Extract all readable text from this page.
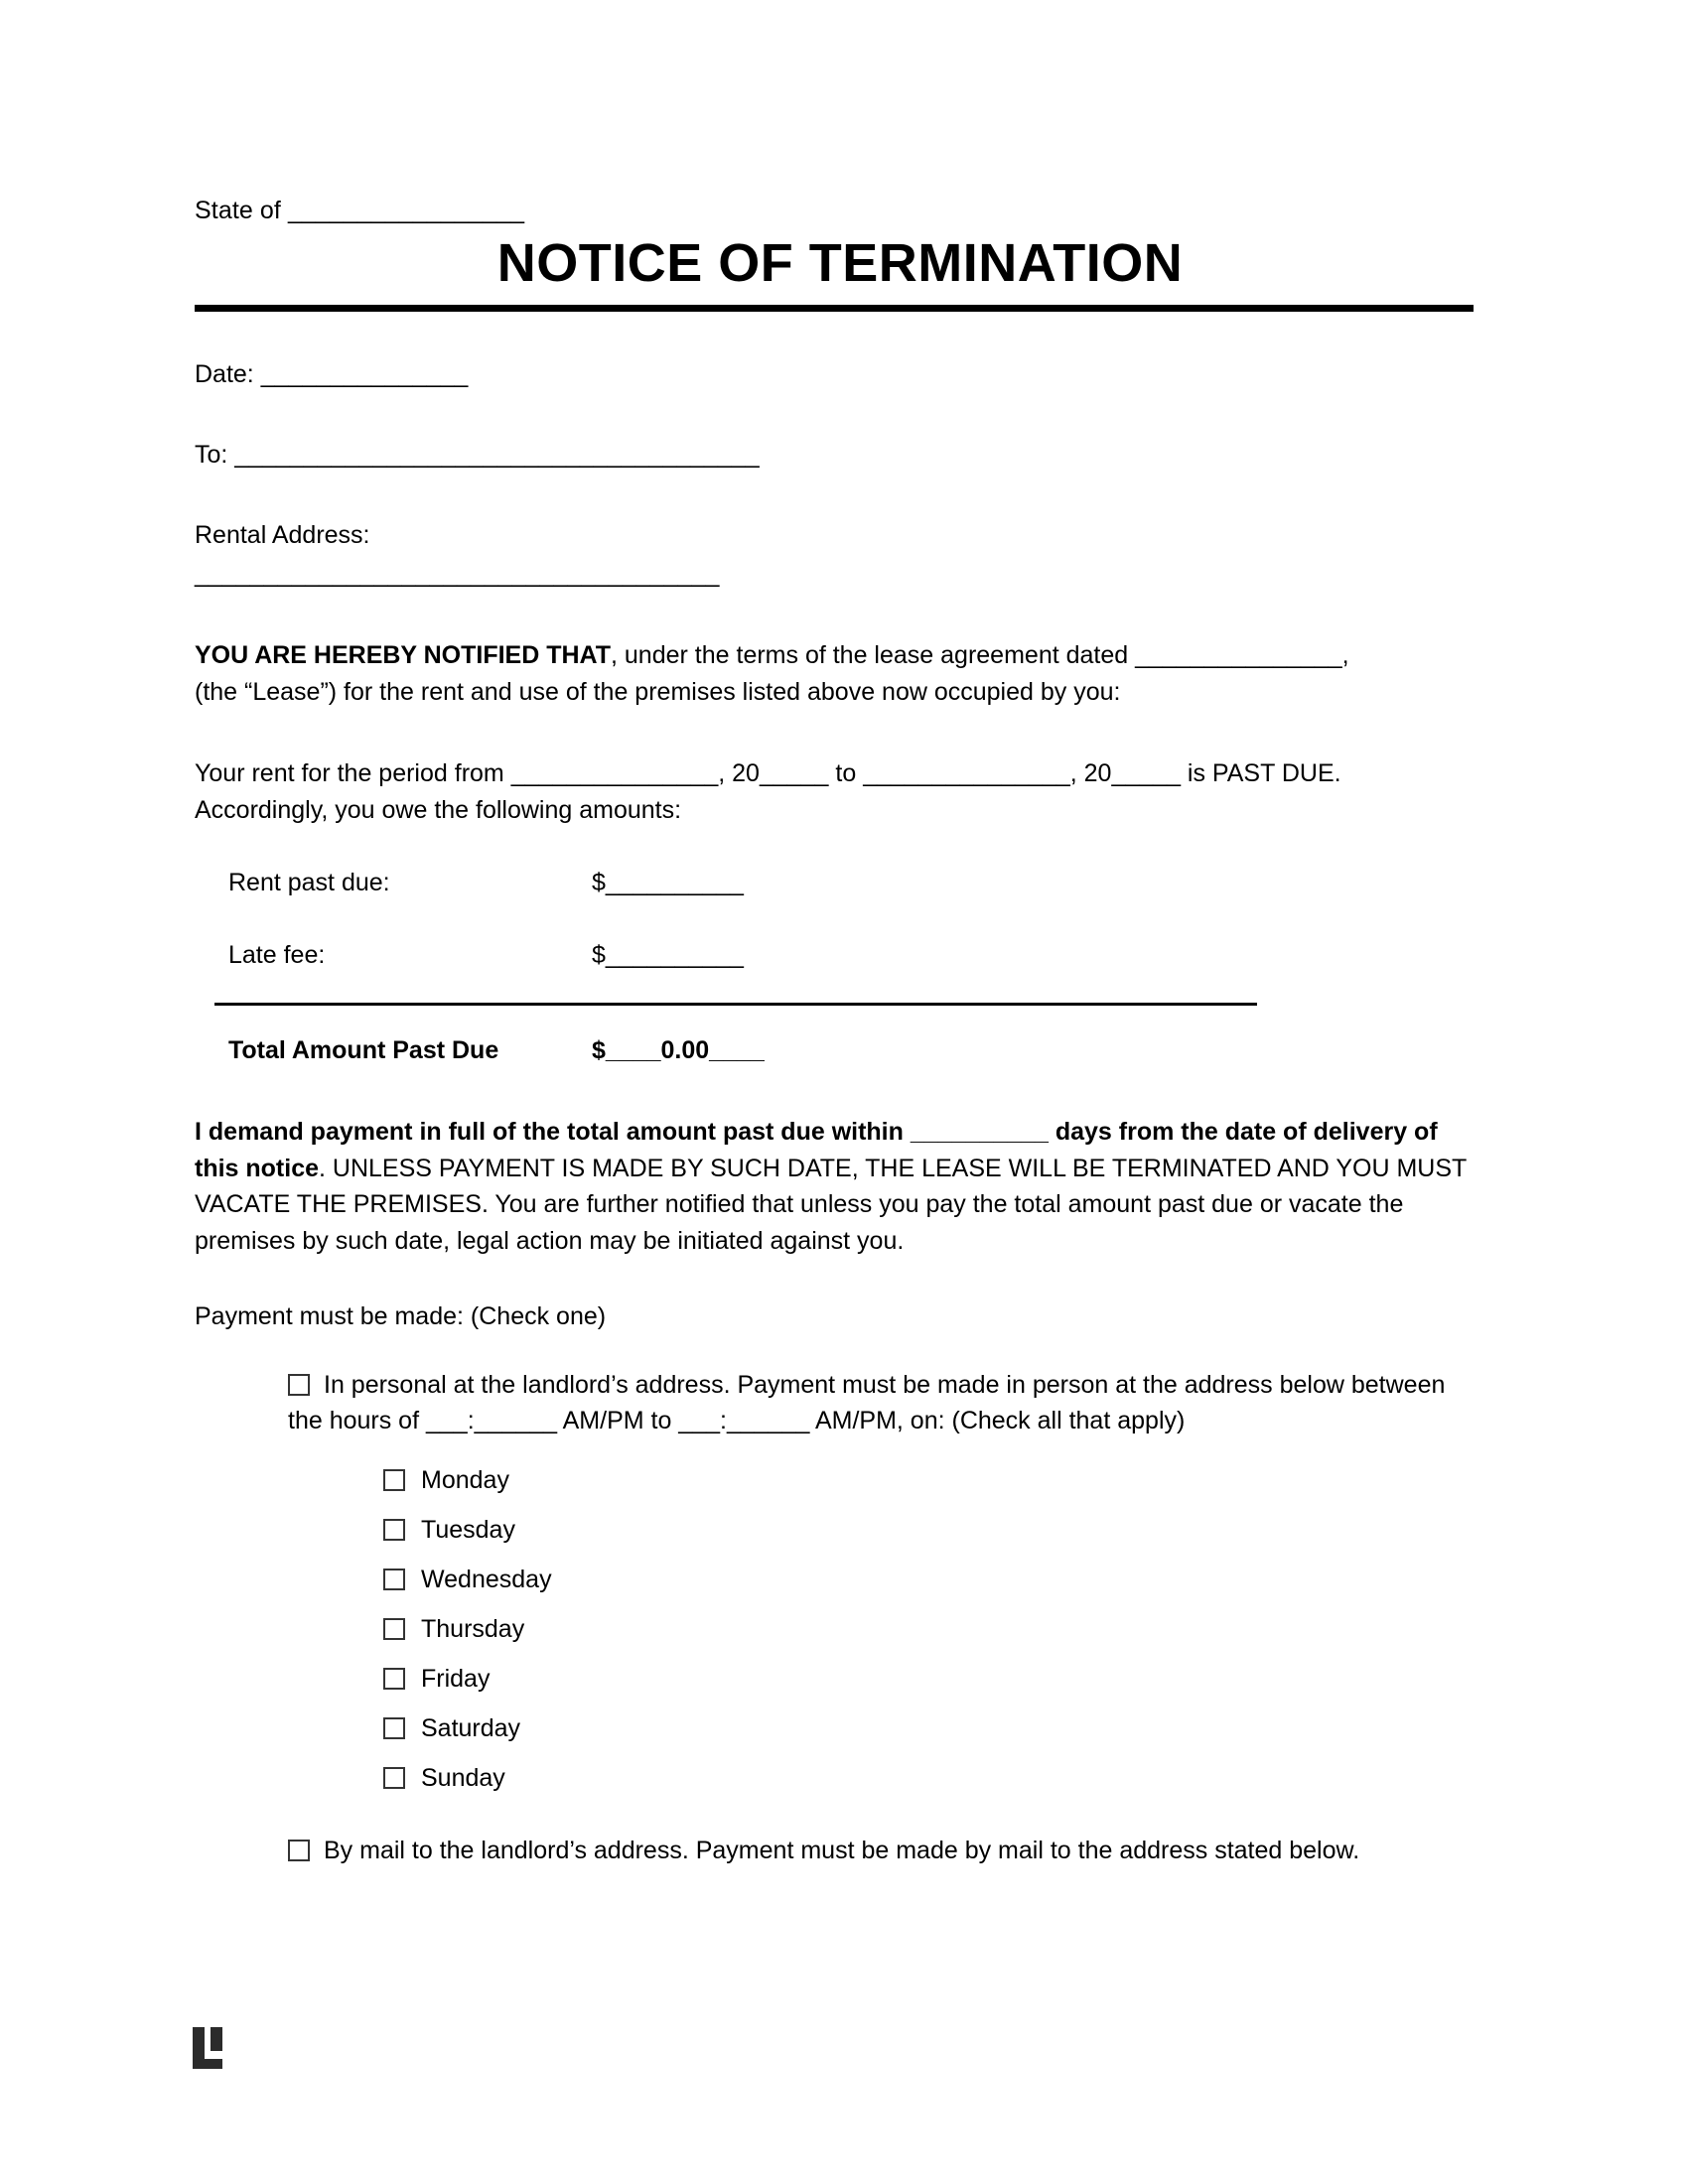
State of _________________
NOTICE OF TERMINATION
Date: _______________
To: ______________________________________
Rental Address:
______________________________________
YOU ARE HEREBY NOTIFIED THAT, under the terms of the lease agreement dated _______________,
(the “Lease”) for the rent and use of the premises listed above now occupied by you:
Your rent for the period from _______________, 20_____ to _______________, 20_____ is PAST DUE.
Accordingly, you owe the following amounts:
Rent past due:	$__________
Late fee:	$__________
Total Amount Past Due	$____0.00____
I demand payment in full of the total amount past due within __________ days from the date of delivery of this notice. UNLESS PAYMENT IS MADE BY SUCH DATE, THE LEASE WILL BE TERMINATED AND YOU MUST VACATE THE PREMISES. You are further notified that unless you pay the total amount past due or vacate the premises by such date, legal action may be initiated against you.
Payment must be made: (Check one)
In personal at the landlord’s address. Payment must be made in person at the address below between the hours of ___:______ AM/PM to ___:______ AM/PM, on: (Check all that apply)
Monday
Tuesday
Wednesday
Thursday
Friday
Saturday
Sunday
By mail to the landlord’s address. Payment must be made by mail to the address stated below.
